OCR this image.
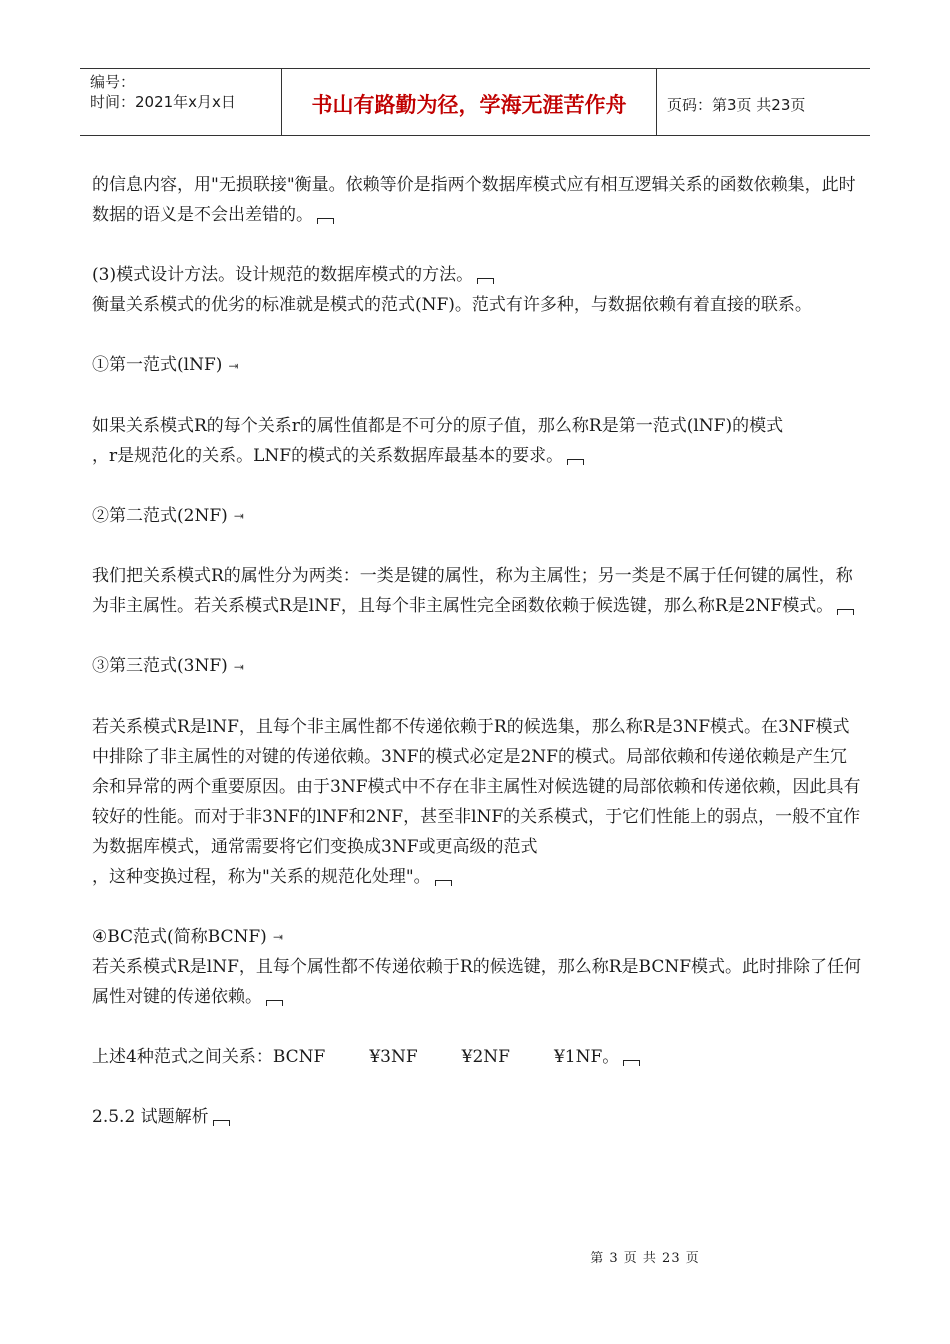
编号：
时间：2021年x月x日	书山有路勤为径，学海无涯苦作舟	页码：第3页 共23页

的信息内容，用"无损联接"衡量。依赖等价是指两个数据库模式应有相互逻辑关系的函数依赖集，此时数据的语义是不会出差错的。

(3)模式设计方法。设计规范的数据库模式的方法。

衡量关系模式的优劣的标准就是模式的范式(NF)。范式有许多种，与数据依赖有着直接的联系。

①第一范式(lNF) ⇥

如果关系模式R的每个关系r的属性值都是不可分的原子值，那么称R是第一范式(lNF)的模式

，r是规范化的关系。LNF的模式的关系数据库最基本的要求。

②第二范式(2NF) ⇥

我们把关系模式R的属性分为两类：一类是键的属性，称为主属性；另一类是不属于任何键的属性，称为非主属性。若关系模式R是lNF，且每个非主属性完全函数依赖于候选键，那么称R是2NF模式。

③第三范式(3NF) ⇥

若关系模式R是lNF，且每个非主属性都不传递依赖于R的候选集，那么称R是3NF模式。在3NF模式中排除了非主属性的对键的传递依赖。3NF的模式必定是2NF的模式。局部依赖和传递依赖是产生冗余和异常的两个重要原因。由于3NF模式中不存在非主属性对候选键的局部依赖和传递依赖，因此具有较好的性能。而对于非3NF的lNF和2NF，甚至非lNF的关系模式，于它们性能上的弱点，一般不宜作为数据库模式，通常需要将它们变换成3NF或更高级的范式

，这种变换过程，称为"关系的规范化处理"。

④BC范式(简称BCNF) ⇥

若关系模式R是lNF，且每个属性都不传递依赖于R的候选键，那么称R是BCNF模式。此时排除了任何属性对键的传递依赖。

上述4种范式之间关系：BCNF	¥3NF	¥2NF	¥1NF。

2.5.2 试题解析

第 3 页 共 23 页
